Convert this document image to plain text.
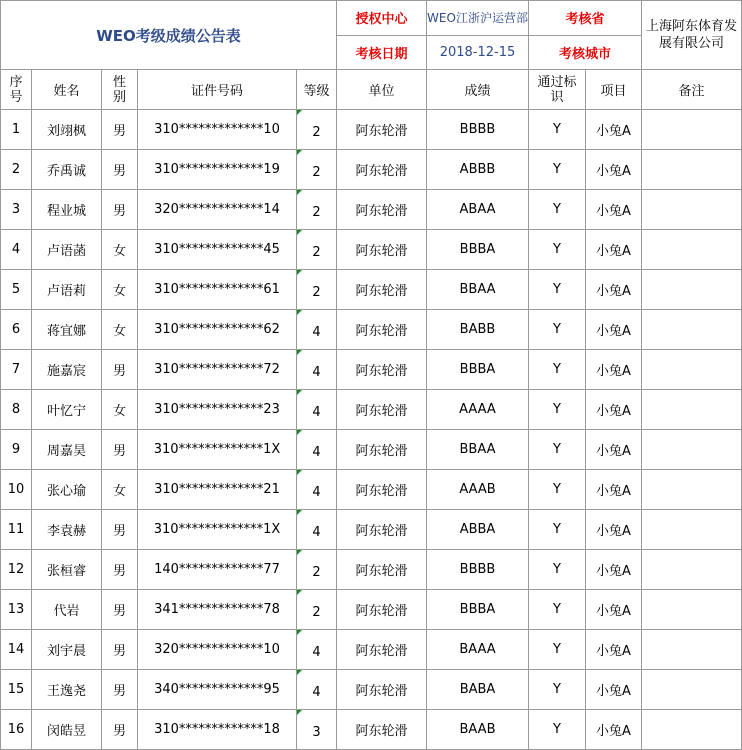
WEO考级成绩公告表					授权中心	WEO江浙沪运营部	考核省		上海阿东体育发展有限公司
					考核日期	2018-12-15	考核城市		
序号	姓名	性别	证件号码	等级	单位	成绩	通过标识	项目	备注
1	刘翊枫	男	310*************10	2	阿东轮滑	BBBB	Y	小兔A	
2	乔禹诚	男	310*************19	2	阿东轮滑	ABBB	Y	小兔A	
3	程业城	男	320*************14	2	阿东轮滑	ABAA	Y	小兔A	
4	卢语菡	女	310*************45	2	阿东轮滑	BBBA	Y	小兔A	
5	卢语莉	女	310*************61	2	阿东轮滑	BBAA	Y	小兔A	
6	蒋宜娜	女	310*************62	4	阿东轮滑	BABB	Y	小兔A	
7	施嘉宸	男	310*************72	4	阿东轮滑	BBBA	Y	小兔A	
8	叶忆宁	女	310*************23	4	阿东轮滑	AAAA	Y	小兔A	
9	周嘉昊	男	310*************1X	4	阿东轮滑	BBAA	Y	小兔A	
10	张心瑜	女	310*************21	4	阿东轮滑	AAAB	Y	小兔A	
11	李袁赫	男	310*************1X	4	阿东轮滑	ABBA	Y	小兔A	
12	张桓睿	男	140*************77	2	阿东轮滑	BBBB	Y	小兔A	
13	代岩	男	341*************78	2	阿东轮滑	BBBA	Y	小兔A	
14	刘宇晨	男	320*************10	4	阿东轮滑	BAAA	Y	小兔A	
15	王逸尧	男	340*************95	4	阿东轮滑	BABA	Y	小兔A	
16	闵皓昱	男	310*************18	3	阿东轮滑	BAAB	Y	小兔A	
